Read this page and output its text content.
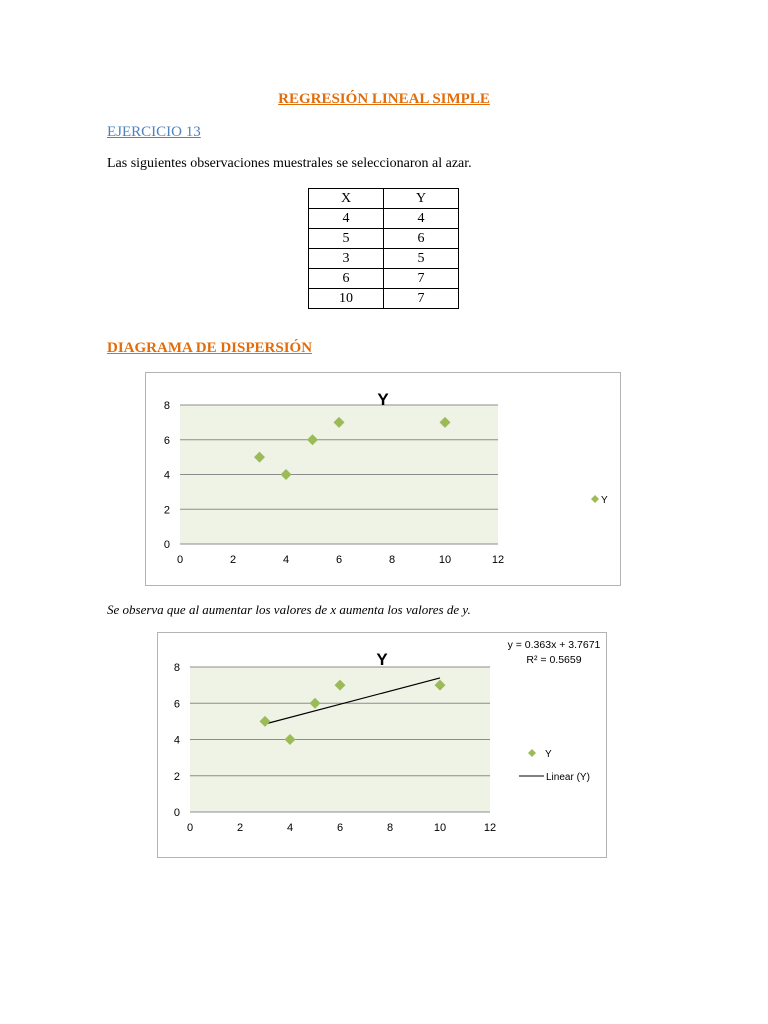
REGRESIÓN LINEAL SIMPLE
EJERCICIO 13
Las siguientes observaciones muestrales se seleccionaron al azar.
X	Y
4	4
5	6
3	5
6	7
10	7
DIAGRAMA DE DISPERSIÓN
0	2	4	6	8	10	12
0
2
4
6
8	Y
Y
Se observa que al aumentar los valores de x aumenta los valores de y.
0	2	4	6	8	10	12
0
2
4
6
8	Y
y = 0.363x + 3.7671
R² = 0.5659
Y
Linear (Y)
